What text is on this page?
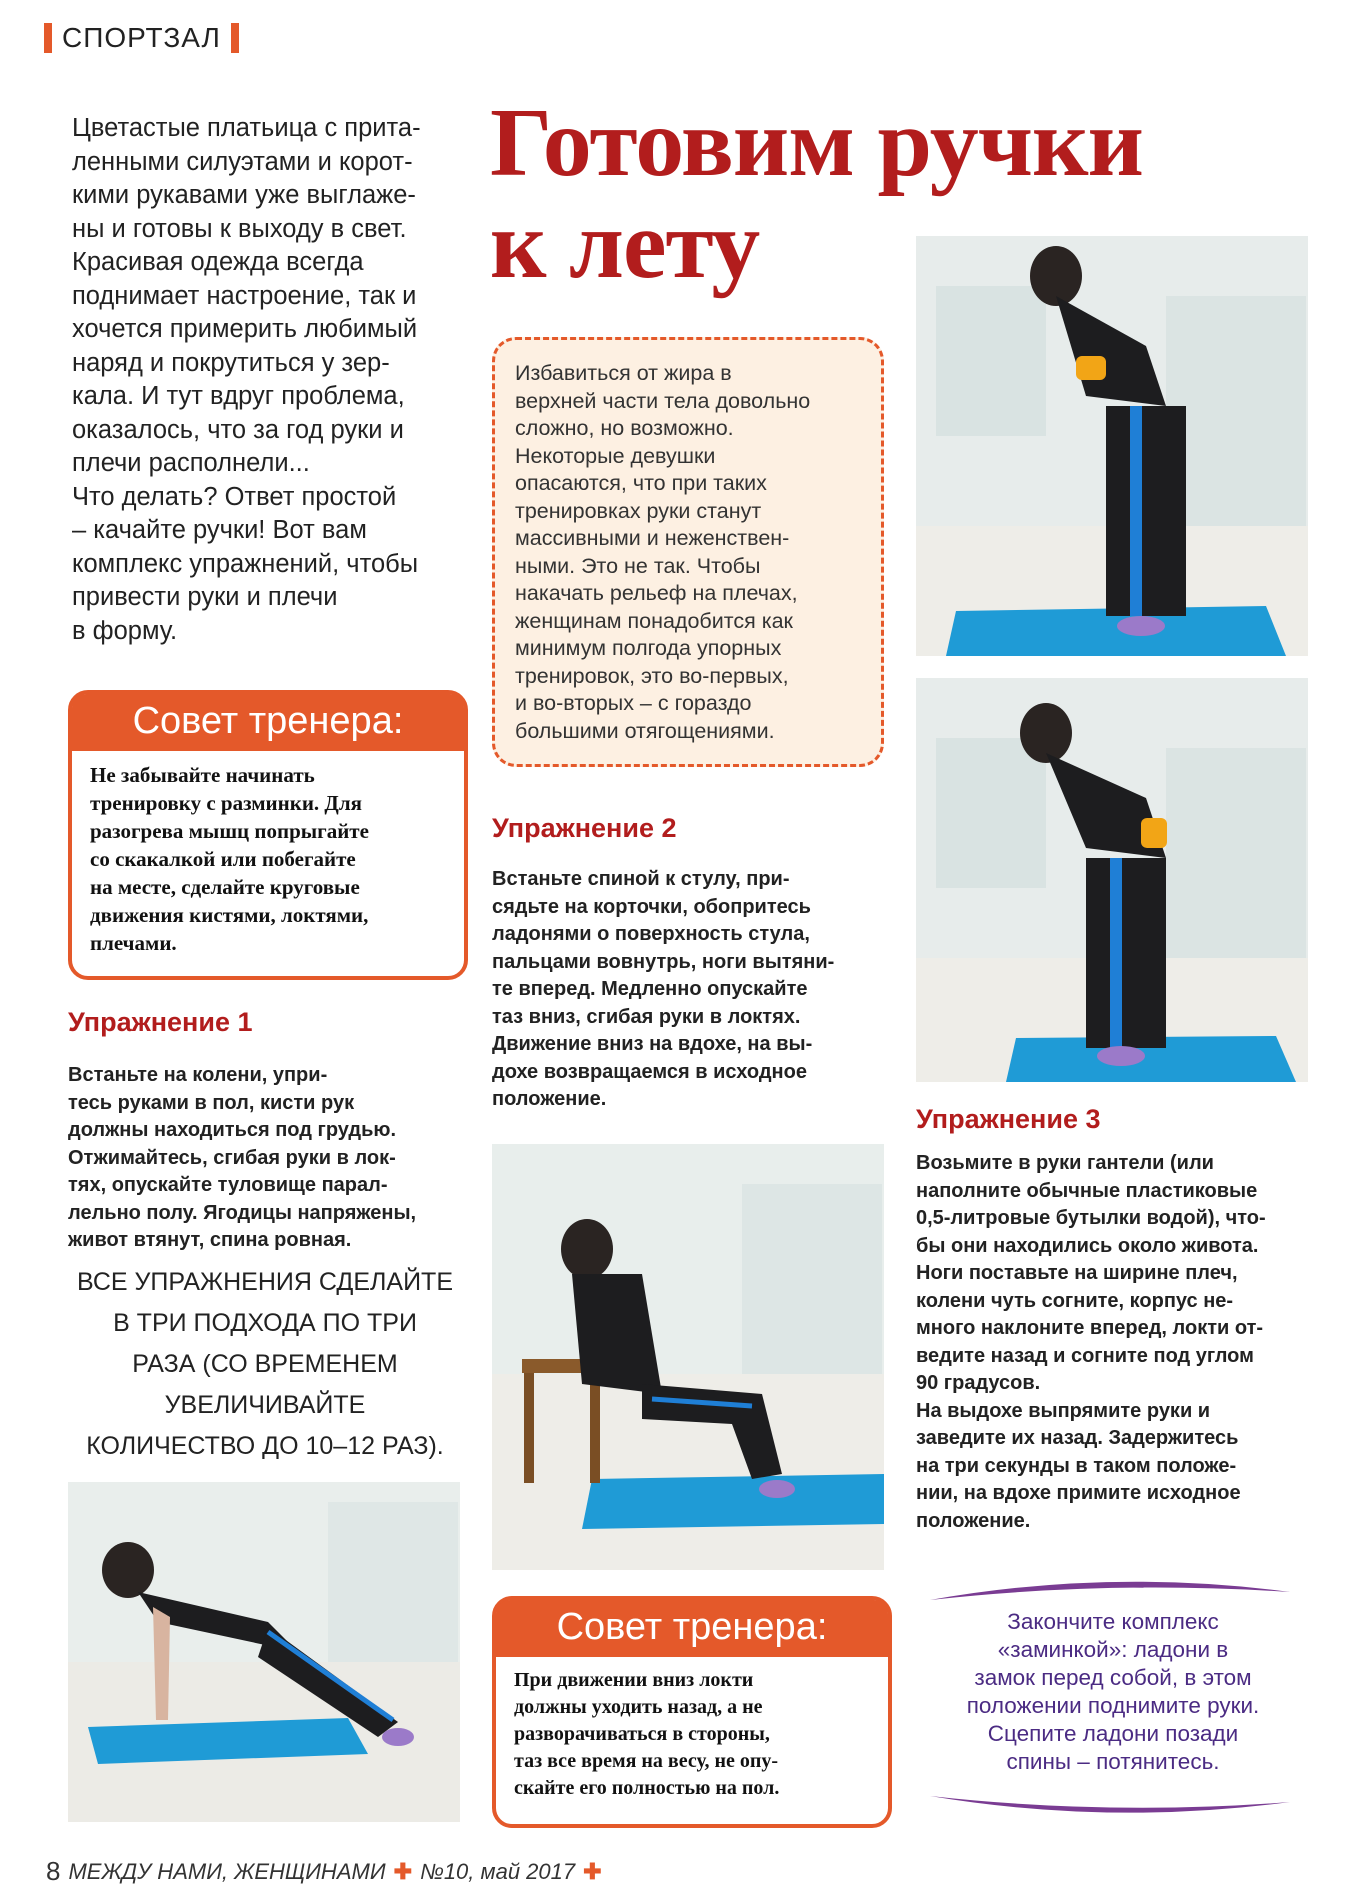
СПОРТЗАЛ
Готовим ручки
к лету
Цветастые платьица с прита-
ленными силуэтами и корот-
кими рукавами уже выглаже-
ны и готовы к выходу в свет.
Красивая одежда всегда
поднимает настроение, так и
хочется примерить любимый
наряд и покрутиться у зер-
кала. И тут вдруг проблема,
оказалось, что за год руки и
плечи располнели...
Что делать? Ответ простой
– качайте ручки! Вот вам
комплекс упражнений, чтобы
привести руки и плечи
в форму.
Совет тренера:
Не забывайте начинать
тренировку с разминки. Для
разогрева мышц попрыгайте
со скакалкой или побегайте
на месте, сделайте круговые
движения кистями, локтями,
плечами.
Упражнение 1
Встаньте на колени, упри-
тесь руками в пол, кисти рук
должны находиться под грудью.
Отжимайтесь, сгибая руки в лок-
тях, опускайте туловище парал-
лельно полу. Ягодицы напряжены,
живот втянут, спина ровная.
ВСЕ УПРАЖНЕНИЯ СДЕЛАЙТЕ
В ТРИ ПОДХОДА ПО ТРИ
РАЗА (СО ВРЕМЕНЕМ
УВЕЛИЧИВАЙТЕ
КОЛИЧЕСТВО ДО 10–12 РАЗ).
Избавиться от жира в
верхней части тела довольно
сложно, но возможно.
Некоторые девушки
опасаются, что при таких
тренировках руки станут
массивными и неженствен-
ными. Это не так. Чтобы
накачать рельеф на плечах,
женщинам понадобится как
минимум полгода упорных
тренировок, это во-первых,
и во-вторых – с гораздо
большими отягощениями.
Упражнение 2
Встаньте спиной к стулу, при-
сядьте на корточки, обопритесь
ладонями о поверхность стула,
пальцами вовнутрь, ноги вытяни-
те вперед. Медленно опускайте
таз вниз, сгибая руки в локтях.
Движение вниз на вдохе, на вы-
дохе возвращаемся в исходное
положение.
Совет тренера:
При движении вниз локти
должны уходить назад, а не
разворачиваться в стороны,
таз все время на весу, не опу-
скайте его полностью на пол.
Упражнение 3
Возьмите в руки гантели (или
наполните обычные пластиковые
0,5-литровые бутылки водой), что-
бы они находились около живота.
Ноги поставьте на ширине плеч,
колени чуть согните, корпус не-
много наклоните вперед, локти от-
ведите назад и согните под углом
90 градусов.
На выдохе выпрямите руки и
заведите их назад. Задержитесь
на три секунды в таком положе-
нии, на вдохе примите исходное
положение.
Закончите комплекс
«заминкой»: ладони в
замок перед собой, в этом
положении поднимите руки.
Сцепите ладони позади
спины – потянитесь.
8 МЕЖДУ НАМИ, ЖЕНЩИНАМИ ✚ №10, май 2017 ✚
